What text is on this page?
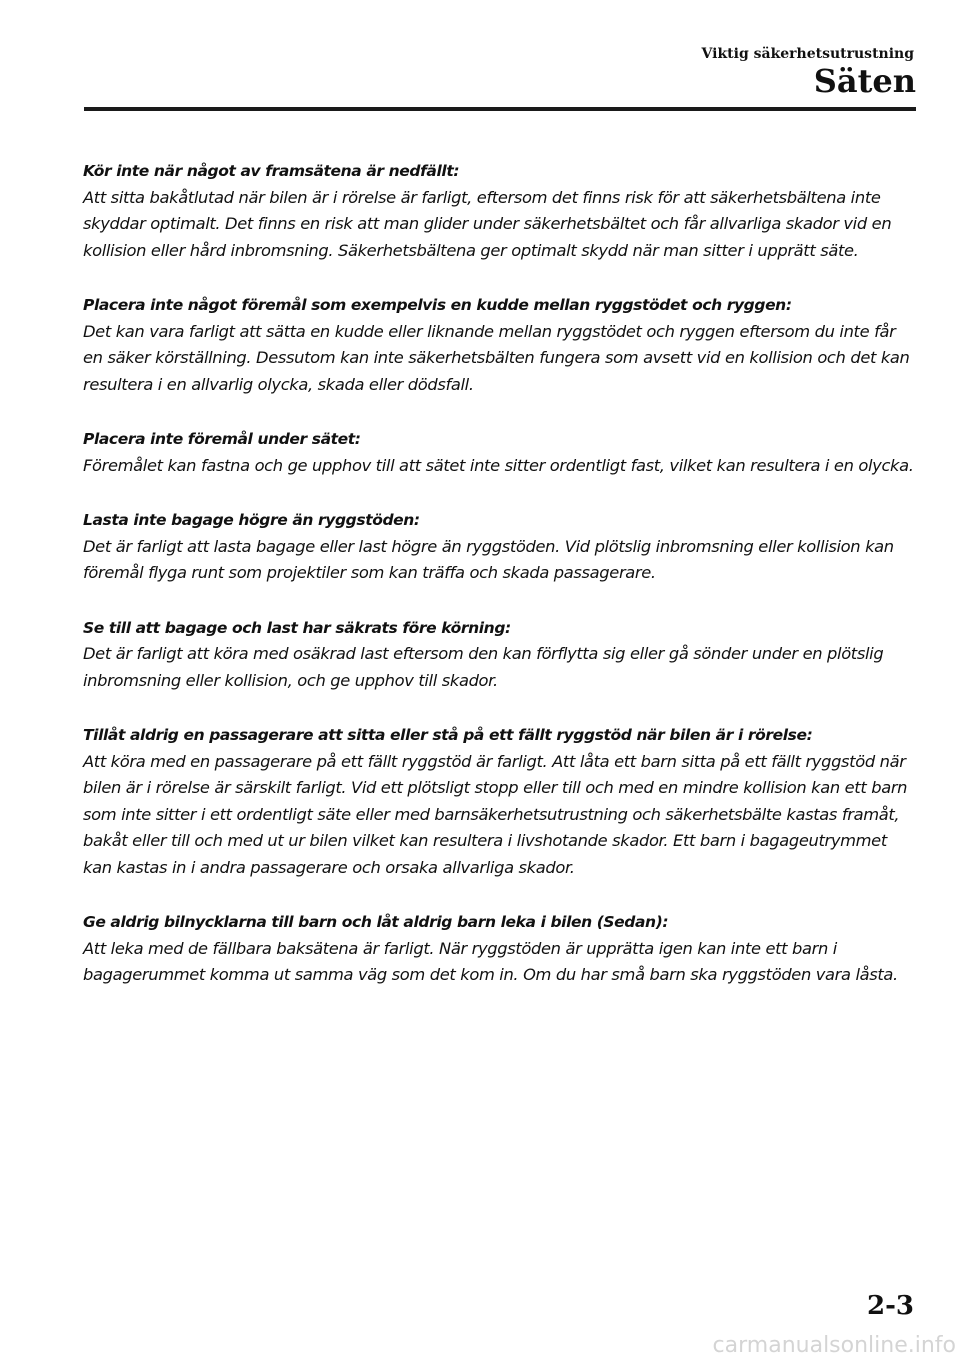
Viktig säkerhetsutrustning
Säten
Kör inte när något av framsätena är nedfällt:
Att sitta bakåtlutad när bilen är i rörelse är farligt, eftersom det finns risk för att säkerhetsbältena inte skyddar optimalt. Det finns en risk att man glider under säkerhetsbältet och får allvarliga skador vid en kollision eller hård inbromsning. Säkerhetsbältena ger optimalt skydd när man sitter i upprätt säte.
Placera inte något föremål som exempelvis en kudde mellan ryggstödet och ryggen:
Det kan vara farligt att sätta en kudde eller liknande mellan ryggstödet och ryggen eftersom du inte får en säker körställning. Dessutom kan inte säkerhetsbälten fungera som avsett vid en kollision och det kan resultera i en allvarlig olycka, skada eller dödsfall.
Placera inte föremål under sätet:
Föremålet kan fastna och ge upphov till att sätet inte sitter ordentligt fast, vilket kan resultera i en olycka.
Lasta inte bagage högre än ryggstöden:
Det är farligt att lasta bagage eller last högre än ryggstöden. Vid plötslig inbromsning eller kollision kan föremål flyga runt som projektiler som kan träffa och skada passagerare.
Se till att bagage och last har säkrats före körning:
Det är farligt att köra med osäkrad last eftersom den kan förflytta sig eller gå sönder under en plötslig inbromsning eller kollision, och ge upphov till skador.
Tillåt aldrig en passagerare att sitta eller stå på ett fällt ryggstöd när bilen är i rörelse:
Att köra med en passagerare på ett fällt ryggstöd är farligt. Att låta ett barn sitta på ett fällt ryggstöd när bilen är i rörelse är särskilt farligt. Vid ett plötsligt stopp eller till och med en mindre kollision kan ett barn som inte sitter i ett ordentligt säte eller med barnsäkerhetsutrustning och säkerhetsbälte kastas framåt, bakåt eller till och med ut ur bilen vilket kan resultera i livshotande skador. Ett barn i bagageutrymmet kan kastas in i andra passagerare och orsaka allvarliga skador.
Ge aldrig bilnycklarna till barn och låt aldrig barn leka i bilen (Sedan):
Att leka med de fällbara baksätena är farligt. När ryggstöden är upprätta igen kan inte ett barn i bagagerummet komma ut samma väg som det kom in. Om du har små barn ska ryggstöden vara låsta.
2-3
carmanualsonline.info
